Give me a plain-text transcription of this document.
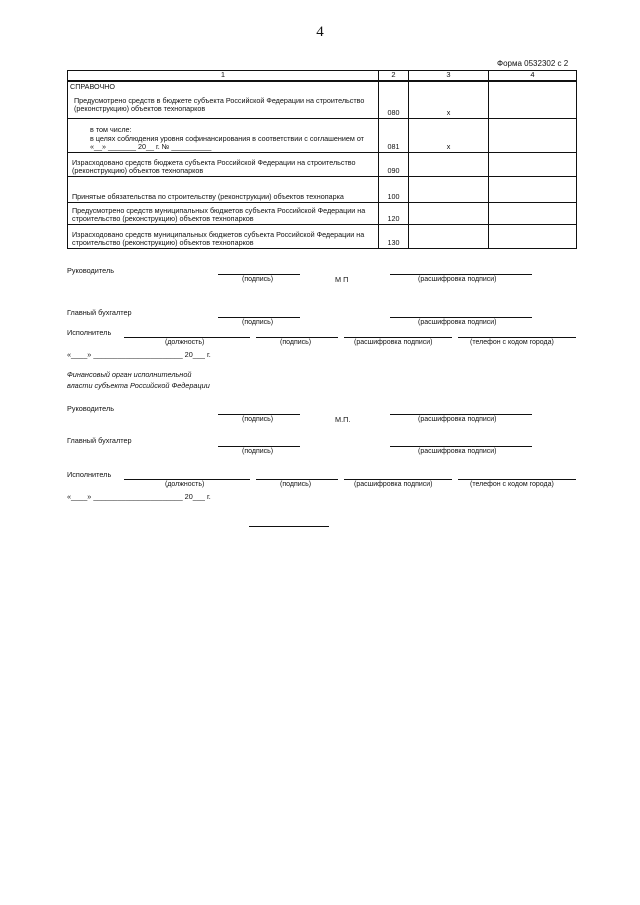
4
Форма 0532302 с 2
1	2	3	4

СПРАВОЧНО
Предусмотрено средств в бюджете субъекта Российской Федерации на строительство (реконструкцию) объектов технопарков	080	x	
в том числе:
в целях соблюдения уровня софинансирования в соответствии с соглашением от «__» _______ 20__ г. № __________	081	x	
Израсходовано средств бюджета субъекта Российской Федерации на строительство (реконструкцию) объектов технопарков	090		
Принятые обязательства по строительству (реконструкции) объектов технопарка	100		
Предусмотрено средств муниципальных бюджетов субъекта Российской Федерации на строительство (реконструкцию) объектов технопарков	120		
Израсходовано средств муниципальных бюджетов субъекта Российской Федерации на строительство (реконструкцию) объектов технопарков	130		
Руководитель
(подпись)	М П	(расшифровка подписи)
Главный бухгалтер
(подпись)	(расшифровка подписи)
Исполнитель
(должность)	(подпись)	(расшифровка подписи)	(телефон с кодом города)
«____» ______________________ 20___ г.
Финансовый орган исполнительной
власти субъекта Российской Федерации
Руководитель
(подпись)	М.П.	(расшифровка подписи)
Главный бухгалтер
(подпись)	(расшифровка подписи)
Исполнитель
(должность)	(подпись)	(расшифровка подписи)	(телефон с кодом города)
«____» ______________________ 20___ г.
